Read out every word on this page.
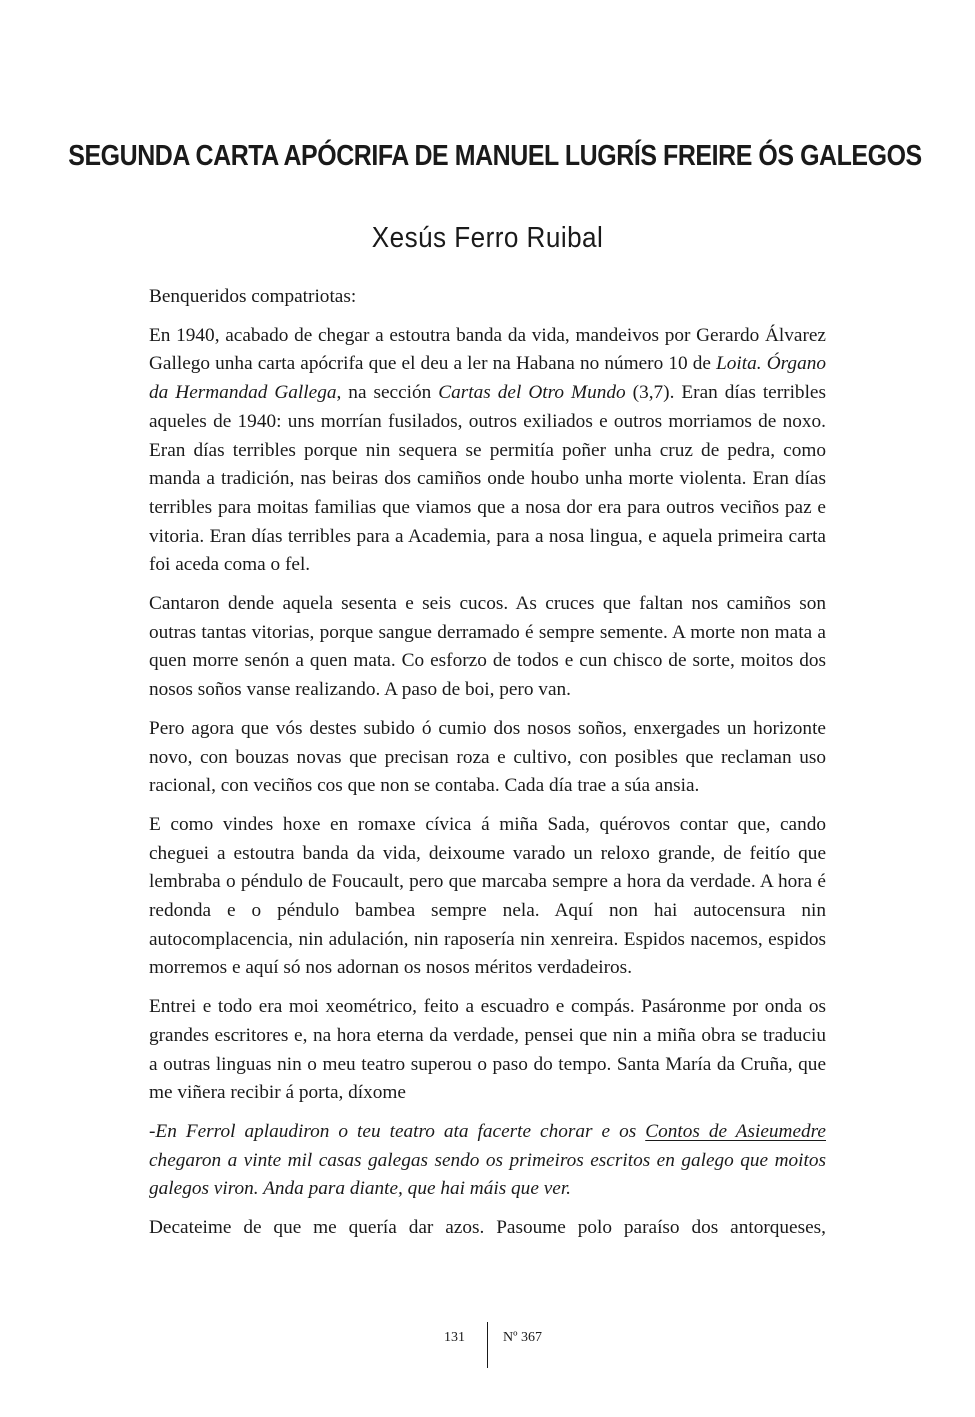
SEGUNDA CARTA APÓCRIFA DE MANUEL LUGRÍS FREIRE ÓS GALEGOS
Xesús Ferro Ruibal

Benqueridos compatriotas:

En 1940, acabado de chegar a estoutra banda da vida, mandeivos por Gerardo Álvarez Gallego unha carta apócrifa que el deu a ler na Habana no número 10 de Loita. Órgano da Hermandad Gallega, na sección Cartas del Otro Mundo (3,7). Eran días terribles aqueles de 1940: uns morrían fusilados, outros exiliados e outros morriamos de noxo. Eran días terribles porque nin sequera se permitía poñer unha cruz de pedra, como manda a tradición, nas beiras dos camiños onde houbo unha morte violenta. Eran días terribles para moitas familias que viamos que a nosa dor era para outros veciños paz e vitoria. Eran días terribles para a Academia, para a nosa lingua, e aquela primeira carta foi aceda coma o fel.

Cantaron dende aquela sesenta e seis cucos. As cruces que faltan nos camiños son outras tantas vitorias, porque sangue derramado é sempre semente. A morte non mata a quen morre senón a quen mata. Co esforzo de todos e cun chisco de sorte, moitos dos nosos soños vanse realizando. A paso de boi, pero van.

Pero agora que vós destes subido ó cumio dos nosos soños, enxergades un horizonte novo, con bouzas novas que precisan roza e cultivo, con posibles que reclaman uso racional, con veciños cos que non se contaba. Cada día trae a súa ansia.

E como vindes hoxe en romaxe cívica á miña Sada, quérovos contar que, cando cheguei a estoutra banda da vida, deixoume varado un reloxo grande, de feitío que lembraba o péndulo de Foucault, pero que marcaba sempre a hora da verdade. A hora é redonda e o péndulo bambea sempre nela. Aquí non hai autocensura nin autocomplacencia, nin adulación, nin raposería nin xenreira. Espidos nacemos, espidos morremos e aquí só nos adornan os nosos méritos verdadeiros.

Entrei e todo era moi xeométrico, feito a escuadro e compás. Pasáronme por onda os grandes escritores e, na hora eterna da verdade, pensei que nin a miña obra se traduciu a outras linguas nin o meu teatro superou o paso do tempo. Santa María da Cruña, que me viñera recibir á porta, díxome

-En Ferrol aplaudiron o teu teatro ata facerte chorar e os Contos de Asieumedre chegaron a vinte mil casas galegas sendo os primeiros escritos en galego que moitos galegos viron. Anda para diante, que hai máis que ver.

Decateime de que me quería dar azos. Pasoume polo paraíso dos antorqueses,

131	Nº 367
